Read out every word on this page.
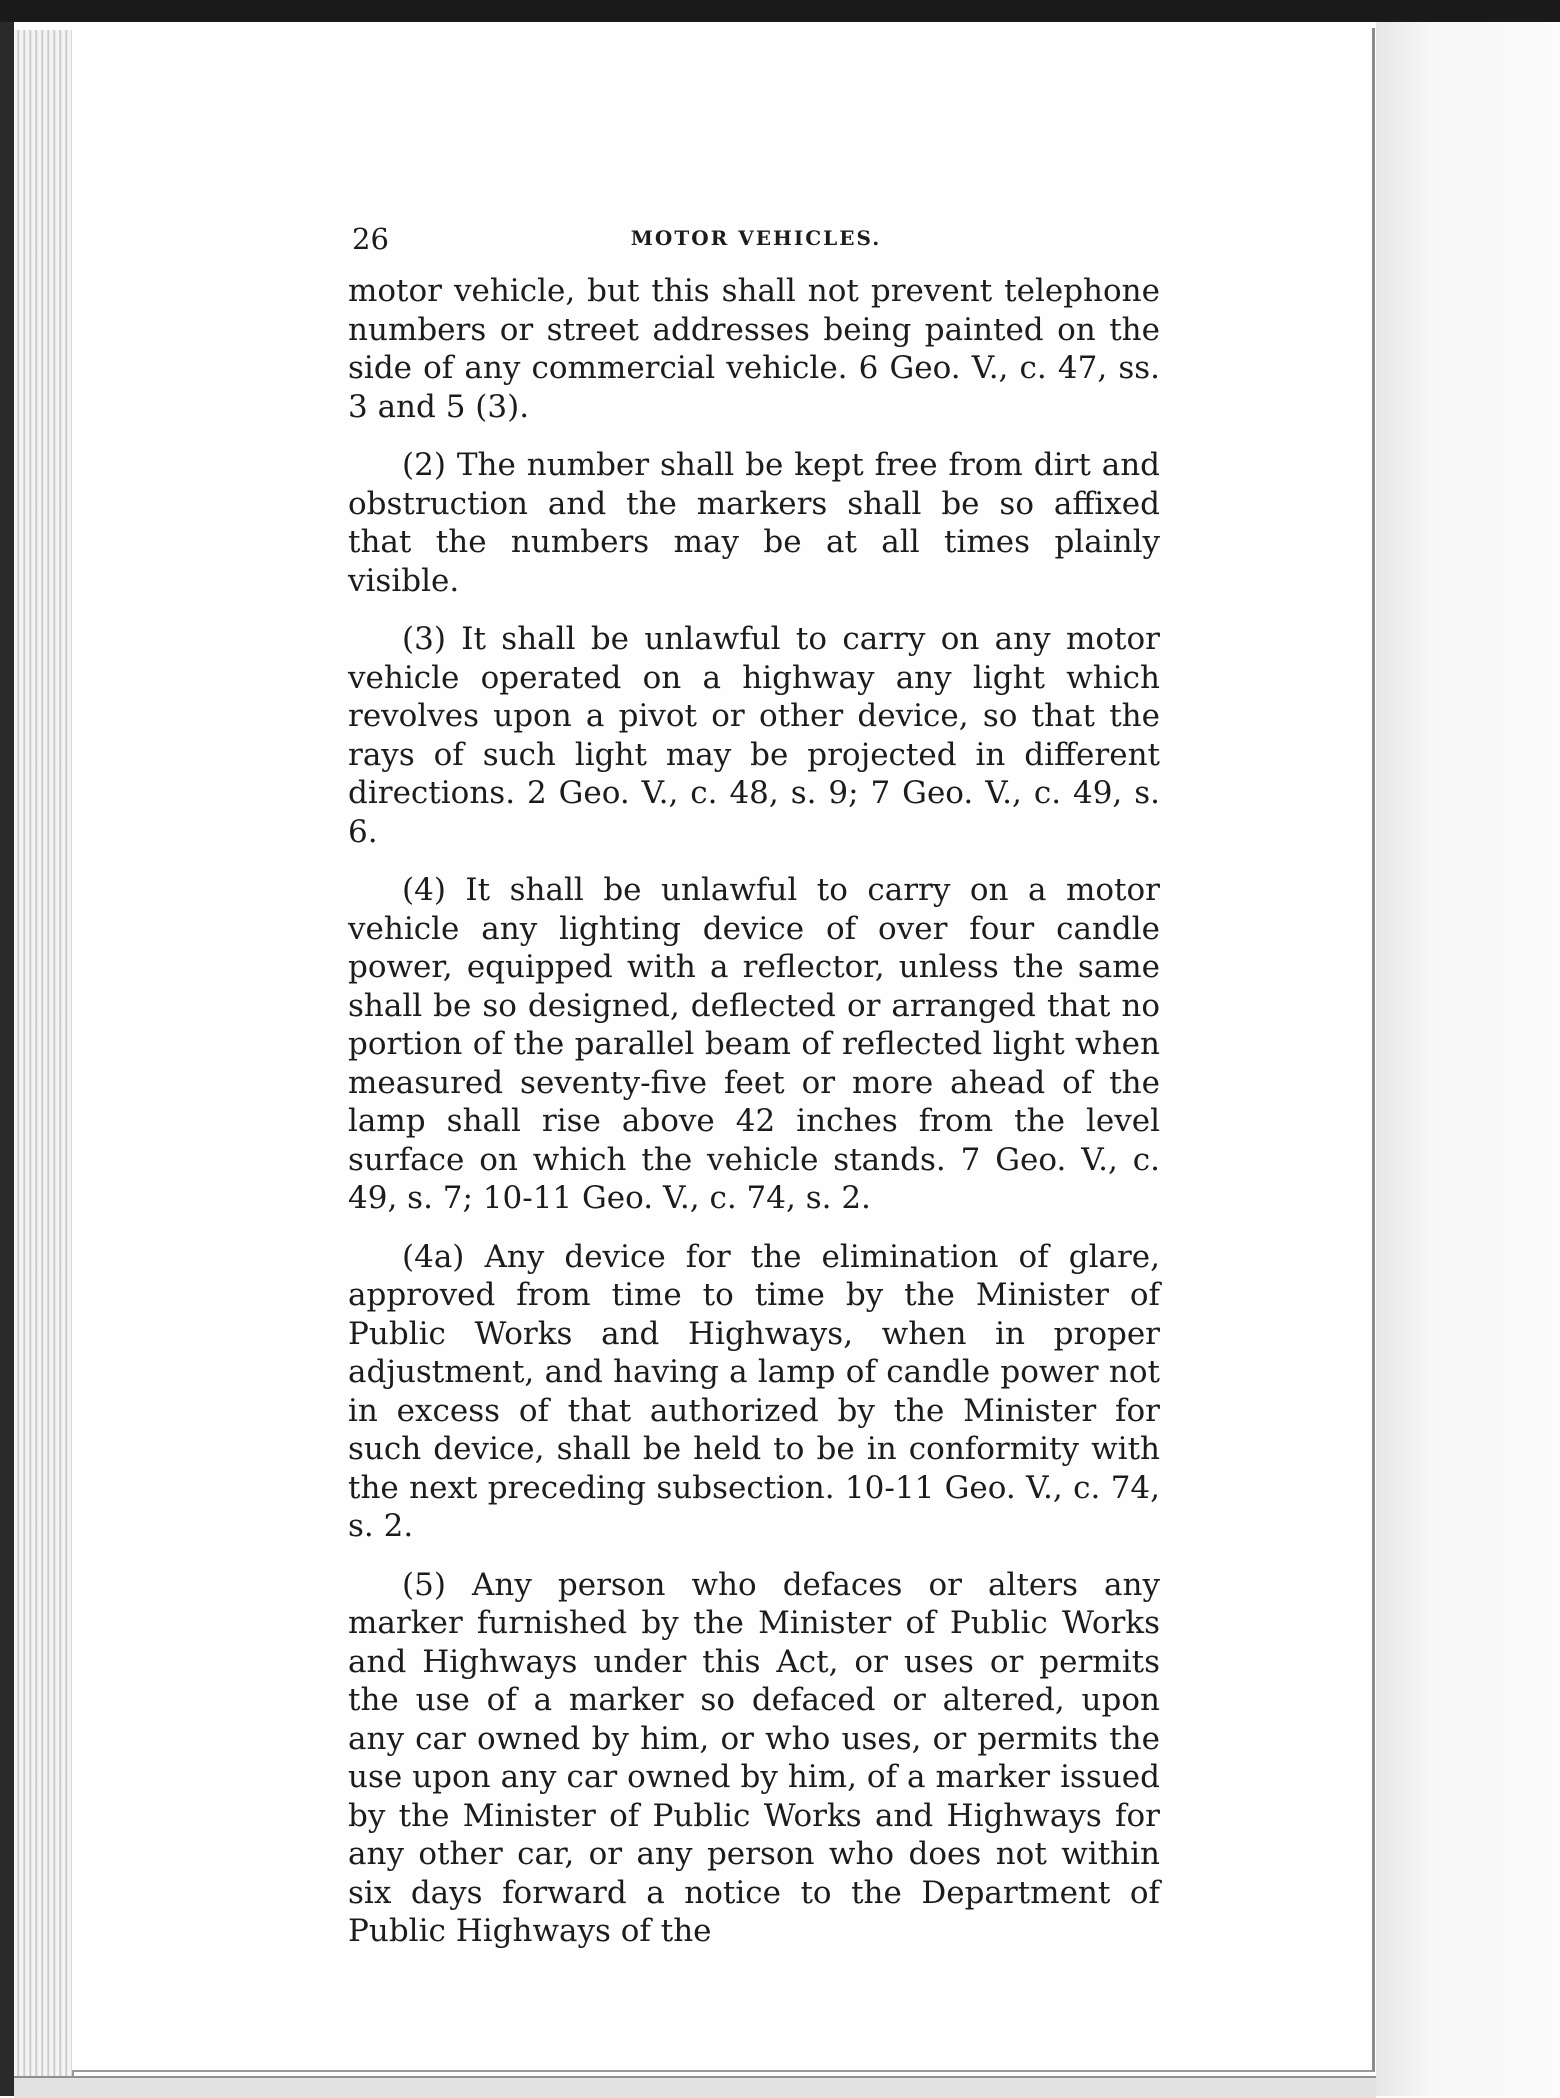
26	MOTOR VEHICLES.

motor vehicle, but this shall not prevent telephone numbers or street addresses being painted on the side of any commercial vehicle. 6 Geo. V., c. 47, ss. 3 and 5 (3).

(2) The number shall be kept free from dirt and obstruction and the markers shall be so affixed that the numbers may be at all times plainly visible.

(3) It shall be unlawful to carry on any motor vehicle operated on a highway any light which revolves upon a pivot or other device, so that the rays of such light may be projected in different directions. 2 Geo. V., c. 48, s. 9; 7 Geo. V., c. 49, s. 6.

(4) It shall be unlawful to carry on a motor vehicle any lighting device of over four candle power, equipped with a reflector, unless the same shall be so designed, deflected or arranged that no portion of the parallel beam of reflected light when measured seventy-five feet or more ahead of the lamp shall rise above 42 inches from the level surface on which the vehicle stands. 7 Geo. V., c. 49, s. 7; 10-11 Geo. V., c. 74, s. 2.

(4a) Any device for the elimination of glare, approved from time to time by the Minister of Public Works and Highways, when in proper adjustment, and having a lamp of candle power not in excess of that authorized by the Minister for such device, shall be held to be in conformity with the next preceding subsection. 10-11 Geo. V., c. 74, s. 2.

(5) Any person who defaces or alters any marker furnished by the Minister of Public Works and Highways under this Act, or uses or permits the use of a marker so defaced or altered, upon any car owned by him, or who uses, or permits the use upon any car owned by him, of a marker issued by the Minister of Public Works and Highways for any other car, or any person who does not within six days forward a notice to the Department of Public Highways of the
